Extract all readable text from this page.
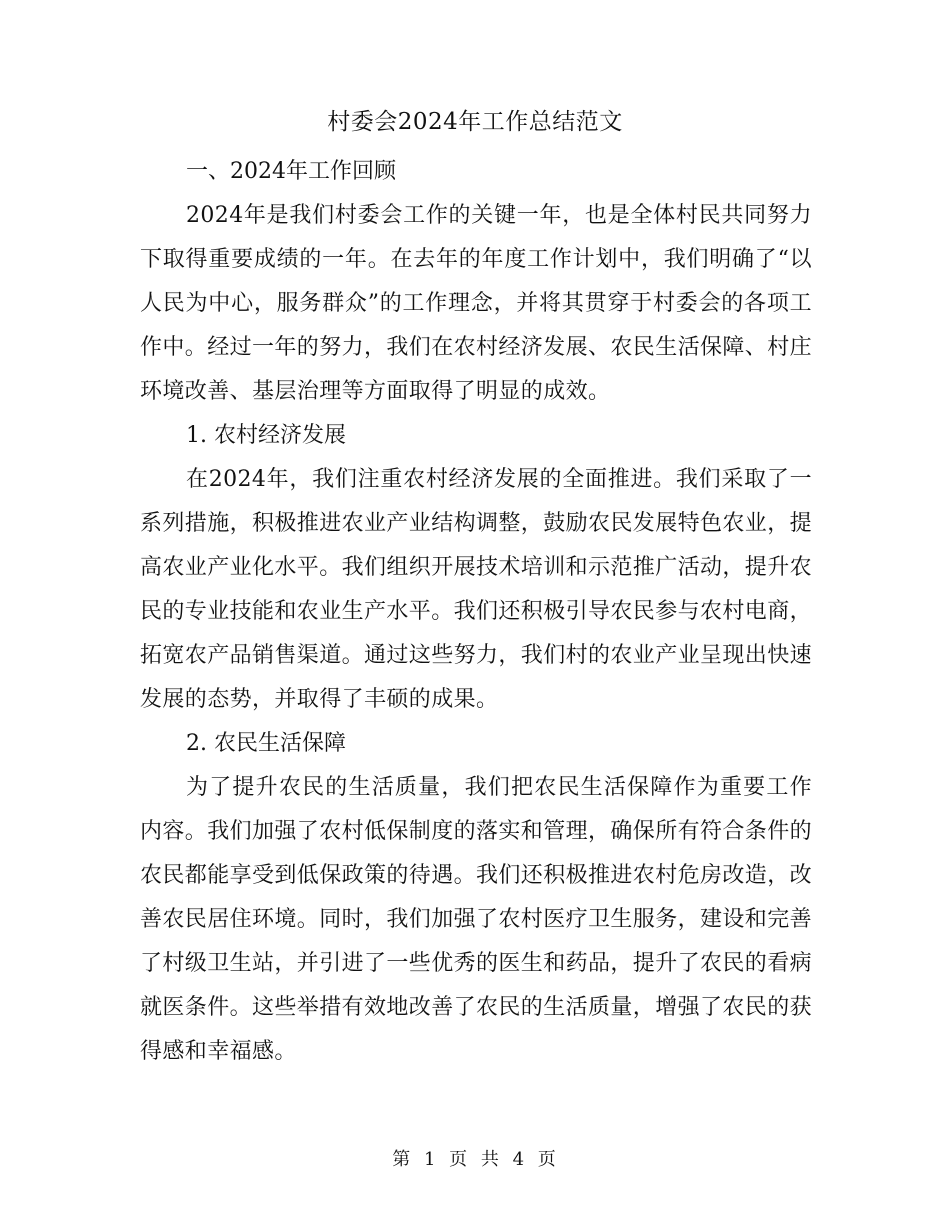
村委会2024年工作总结范文

一、2024年工作回顾

2024年是我们村委会工作的关键一年，也是全体村民共同努力下取得重要成绩的一年。在去年的年度工作计划中，我们明确了“以人民为中心，服务群众”的工作理念，并将其贯穿于村委会的各项工作中。经过一年的努力，我们在农村经济发展、农民生活保障、村庄环境改善、基层治理等方面取得了明显的成效。

1. 农村经济发展

在2024年，我们注重农村经济发展的全面推进。我们采取了一系列措施，积极推进农业产业结构调整，鼓励农民发展特色农业，提高农业产业化水平。我们组织开展技术培训和示范推广活动，提升农民的专业技能和农业生产水平。我们还积极引导农民参与农村电商，拓宽农产品销售渠道。通过这些努力，我们村的农业产业呈现出快速发展的态势，并取得了丰硕的成果。

2. 农民生活保障

为了提升农民的生活质量，我们把农民生活保障作为重要工作内容。我们加强了农村低保制度的落实和管理，确保所有符合条件的农民都能享受到低保政策的待遇。我们还积极推进农村危房改造，改善农民居住环境。同时，我们加强了农村医疗卫生服务，建设和完善了村级卫生站，并引进了一些优秀的医生和药品，提升了农民的看病就医条件。这些举措有效地改善了农民的生活质量，增强了农民的获得感和幸福感。

第 1 页 共 4 页
